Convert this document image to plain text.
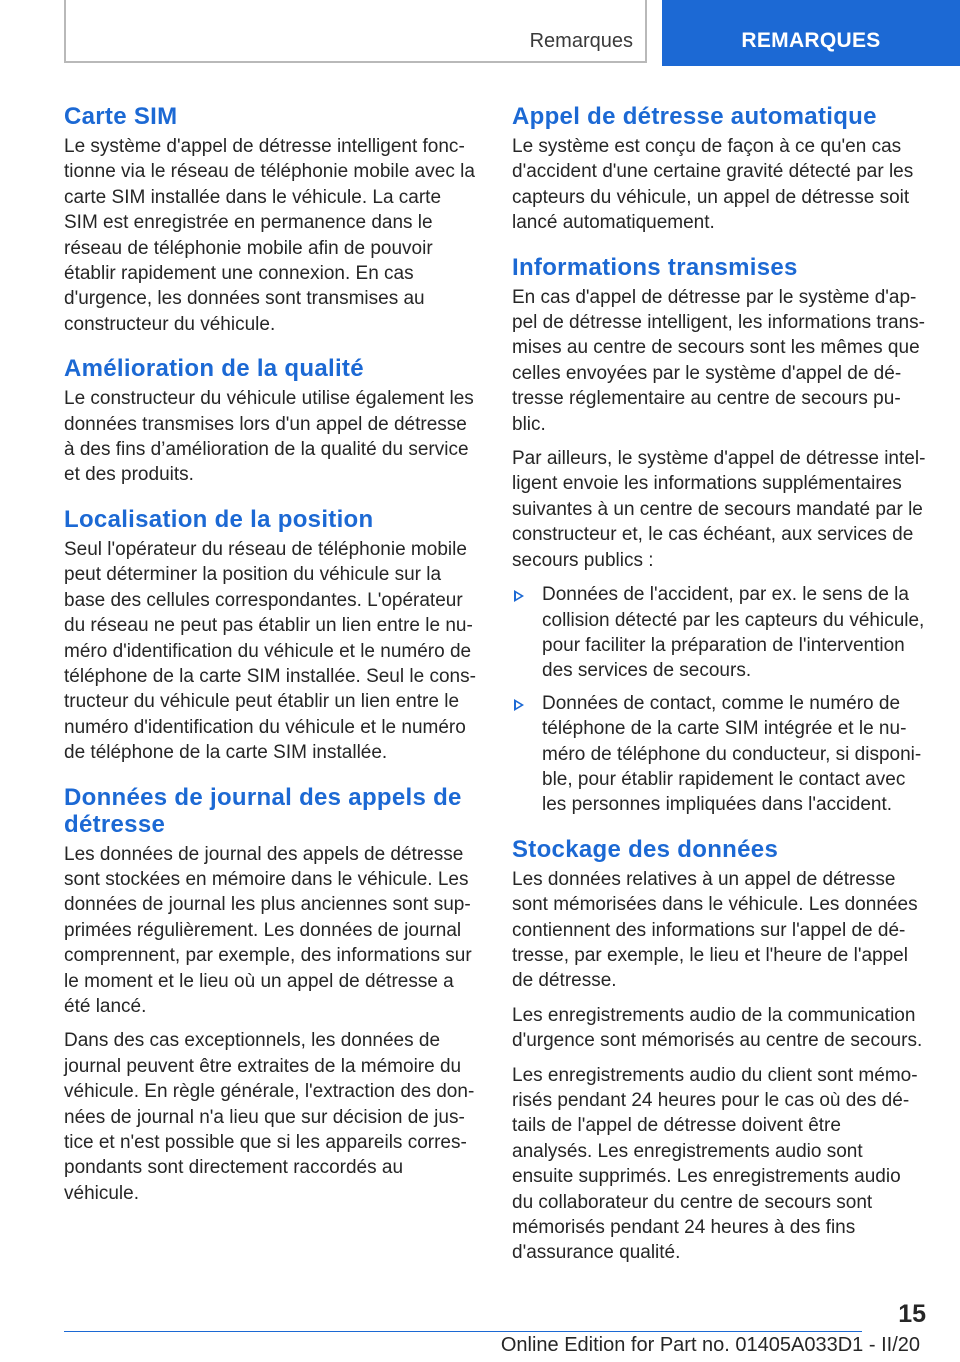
Remarques	REMARQUES
Carte SIM

Le système d'appel de détresse intelligent fonctionne via le réseau de téléphonie mobile avec la carte SIM installée dans le véhicule. La carte SIM est enregistrée en permanence dans le réseau de téléphonie mobile afin de pouvoir établir rapidement une connexion. En cas d'urgence, les données sont transmises au constructeur du véhicule.

Amélioration de la qualité

Le constructeur du véhicule utilise également les données transmises lors d'un appel de détresse à des fins d’amélioration de la qualité du service et des produits.

Localisation de la position

Seul l'opérateur du réseau de téléphonie mobile peut déterminer la position du véhicule sur la base des cellules correspondantes. L'opérateur du réseau ne peut pas établir un lien entre le numéro d'identification du véhicule et le numéro de téléphone de la carte SIM installée. Seul le constructeur du véhicule peut établir un lien entre le numéro d'identification du véhicule et le numéro de téléphone de la carte SIM installée.

Données de journal des appels de détresse

Les données de journal des appels de détresse sont stockées en mémoire dans le véhicule. Les données de journal les plus anciennes sont supprimées régulièrement. Les données de journal comprennent, par exemple, des informations sur le moment et le lieu où un appel de détresse a été lancé.

Dans des cas exceptionnels, les données de journal peuvent être extraites de la mémoire du véhicule. En règle générale, l'extraction des données de journal n'a lieu que sur décision de justice et n'est possible que si les appareils correspondants sont directement raccordés au véhicule.

Appel de détresse automatique

Le système est conçu de façon à ce qu'en cas d'accident d'une certaine gravité détecté par les capteurs du véhicule, un appel de détresse soit lancé automatiquement.

Informations transmises

En cas d'appel de détresse par le système d'appel de détresse intelligent, les informations transmises au centre de secours sont les mêmes que celles envoyées par le système d'appel de détresse réglementaire au centre de secours public.

Par ailleurs, le système d'appel de détresse intelligent envoie les informations supplémentaires suivantes à un centre de secours mandaté par le constructeur et, le cas échéant, aux services de secours publics :

Données de l'accident, par ex. le sens de la collision détecté par les capteurs du véhicule, pour faciliter la préparation de l'intervention des services de secours.

Données de contact, comme le numéro de téléphone de la carte SIM intégrée et le numéro de téléphone du conducteur, si disponible, pour établir rapidement le contact avec les personnes impliquées dans l'accident.

Stockage des données

Les données relatives à un appel de détresse sont mémorisées dans le véhicule. Les données contiennent des informations sur l'appel de détresse, par exemple, le lieu et l'heure de l'appel de détresse.

Les enregistrements audio de la communication d'urgence sont mémorisés au centre de secours.

Les enregistrements audio du client sont mémorisés pendant 24 heures pour le cas où des détails de l'appel de détresse doivent être analysés. Les enregistrements audio sont ensuite supprimés. Les enregistrements audio du collaborateur du centre de secours sont mémorisés pendant 24 heures à des fins d'assurance qualité.

15
Online Edition for Part no. 01405A033D1 - II/20
